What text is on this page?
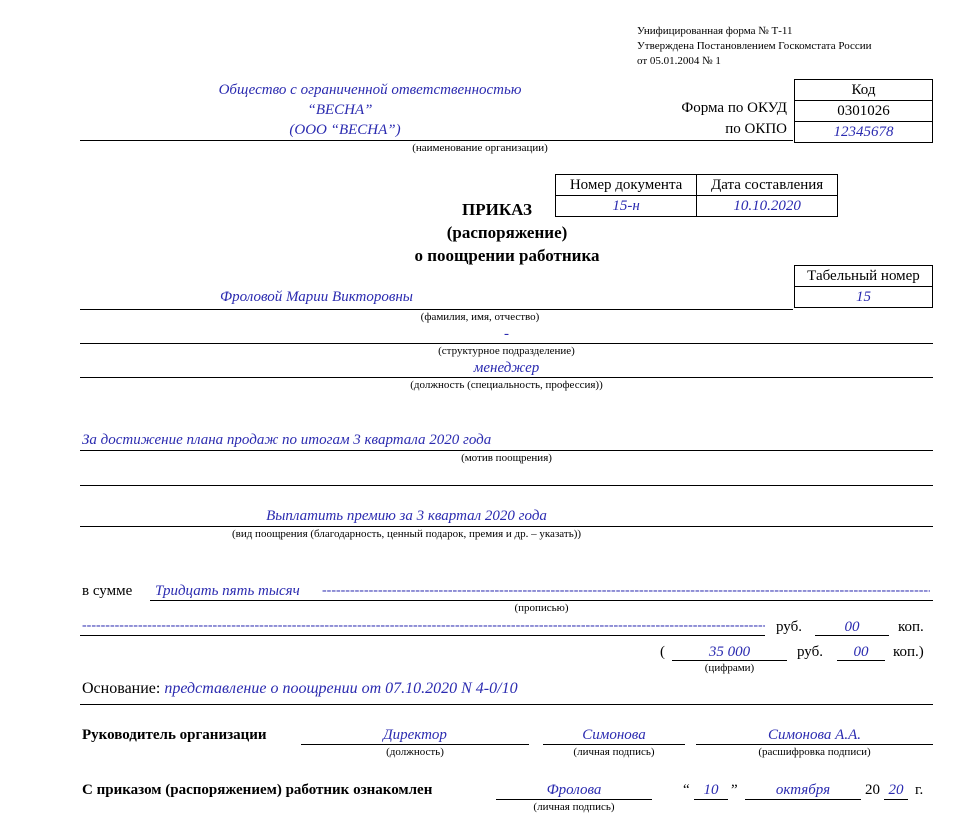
Унифицированная форма № Т-11
Утверждена Постановлением Госкомстата России
от 05.01.2004 № 1
Общество с ограниченной ответственностью
“ВЕСНА”
(ООО “ВЕСНА”)
(наименование организации)
Форма по ОКУД
по ОКПО
Код
0301026
12345678
Номер документа	Дата составления
15-н	10.10.2020
ПРИКАЗ
(распоряжение)
о поощрении работника
Табельный номер
15
Фроловой Марии Викторовны
(фамилия, имя, отчество)
-
(структурное подразделение)
менеджер
(должность (специальность, профессия))
За достижение плана продаж по итогам 3 квартала 2020 года
(мотив поощрения)
Выплатить премию за 3 квартал 2020 года
(вид поощрения (благодарность, ценный подарок, премия и др. – указать))
в сумме Тридцать пять тысяч
-----
(прописью)
-----
руб.	00	коп.
(	35 000
(цифрами)
руб.	00	коп.)
Основание: представление о поощрении от 07.10.2020 N 4-0/10
Руководитель организации	Директор
(должность)
Симонова
(личная подпись)
Симонова А.А.
(расшифровка подписи)
С приказом (распоряжением) работник ознакомлен	Фролова
(личная подпись)
“ 10 ”	октября	20 20 г.
